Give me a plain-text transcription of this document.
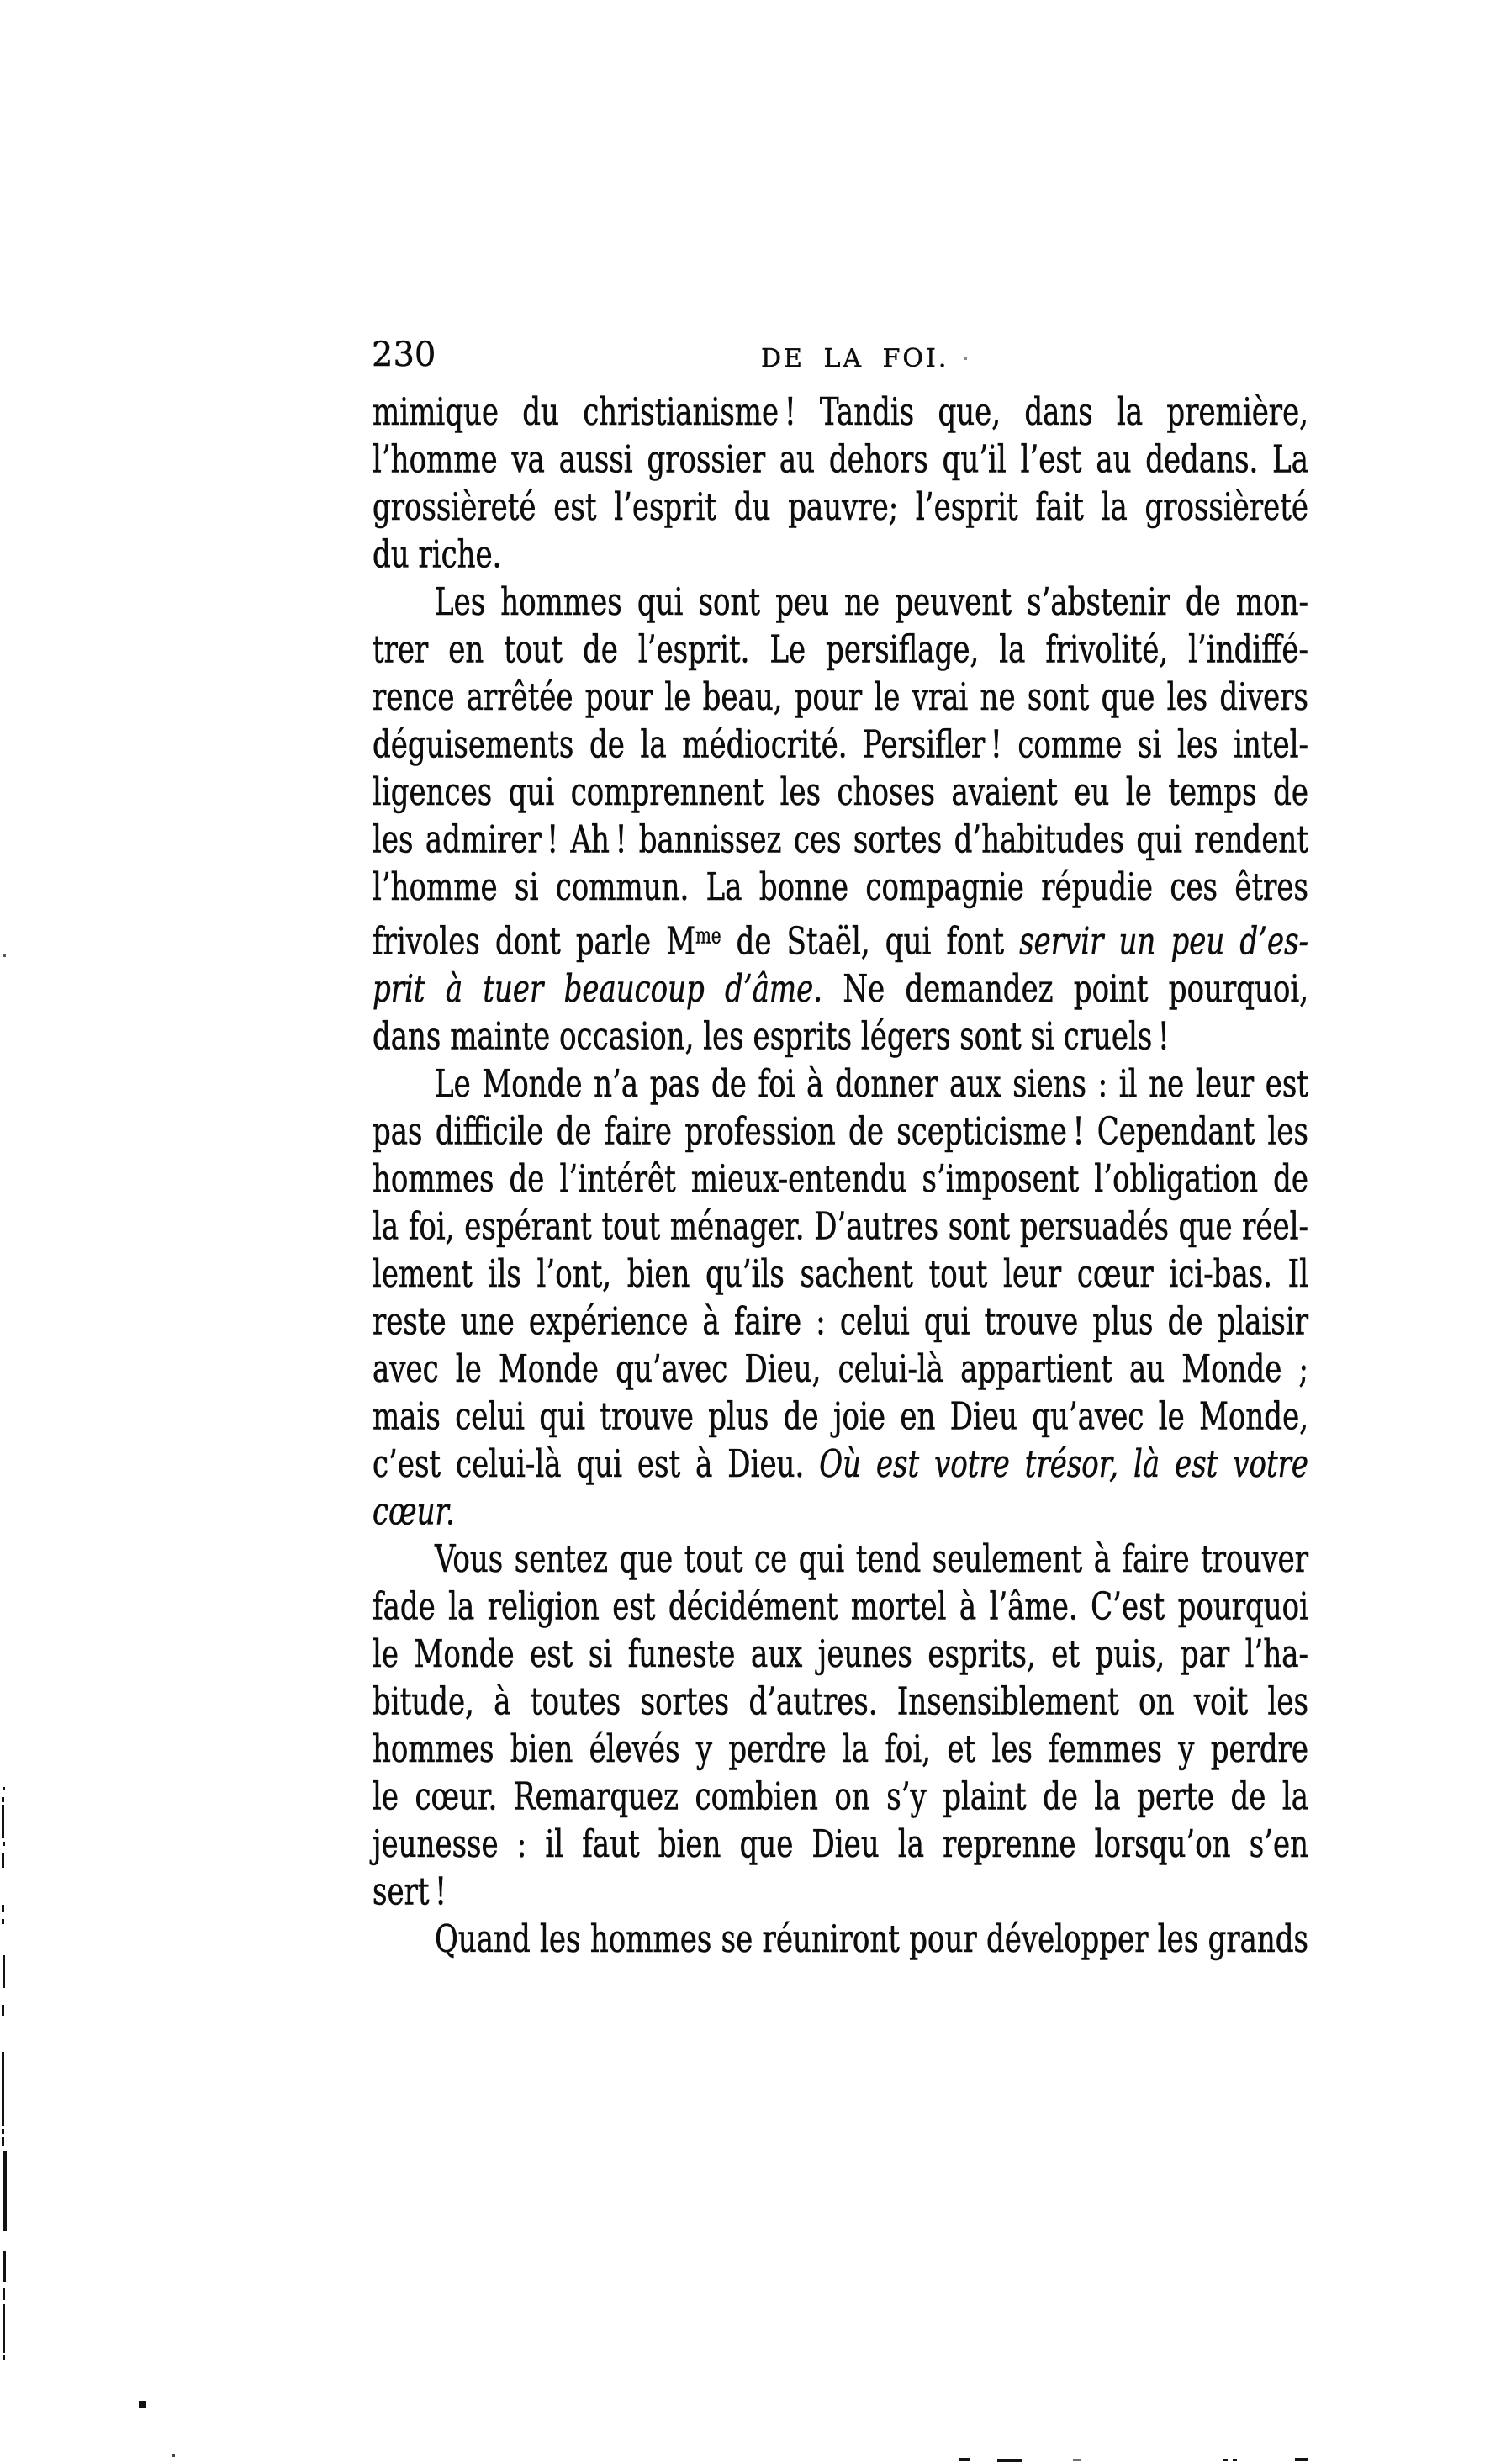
230	DE LA FOI.
mimique du christianisme ! Tandis que, dans la première,
l’homme va aussi grossier au dehors qu’il l’est au dedans. La
grossièreté est l’esprit du pauvre; l’esprit fait la grossièreté
du riche.
Les hommes qui sont peu ne peuvent s’abstenir de mon-
trer en tout de l’esprit. Le persiflage, la frivolité, l’indiffé-
rence arrêtée pour le beau, pour le vrai ne sont que les divers
déguisements de la médiocrité. Persifler ! comme si les intel-
ligences qui comprennent les choses avaient eu le temps de
les admirer ! Ah ! bannissez ces sortes d’habitudes qui rendent
l’homme si commun. La bonne compagnie répudie ces êtres
frivoles dont parle $M^{me}$ de Staël, qui font servir un peu d’es-
prit à tuer beaucoup d’âme. Ne demandez point pourquoi,
dans mainte occasion, les esprits légers sont si cruels !
Le Monde n’a pas de foi à donner aux siens : il ne leur est
pas difficile de faire profession de scepticisme ! Cependant les
hommes de l’intérêt mieux-entendu s’imposent l’obligation de
la foi, espérant tout ménager. D’autres sont persuadés que réel-
lement ils l’ont, bien qu’ils sachent tout leur cœur ici-bas. Il
reste une expérience à faire : celui qui trouve plus de plaisir
avec le Monde qu’avec Dieu, celui-là appartient au Monde ;
mais celui qui trouve plus de joie en Dieu qu’avec le Monde,
c’est celui-là qui est à Dieu. Où est votre trésor, là est votre
cœur.
Vous sentez que tout ce qui tend seulement à faire trouver
fade la religion est décidément mortel à l’âme. C’est pourquoi
le Monde est si funeste aux jeunes esprits, et puis, par l’ha-
bitude, à toutes sortes d’autres. Insensiblement on voit les
hommes bien élevés y perdre la foi, et les femmes y perdre
le cœur. Remarquez combien on s’y plaint de la perte de la
jeunesse : il faut bien que Dieu la reprenne lorsqu’on s’en
sert !
Quand les hommes se réuniront pour développer les grands
